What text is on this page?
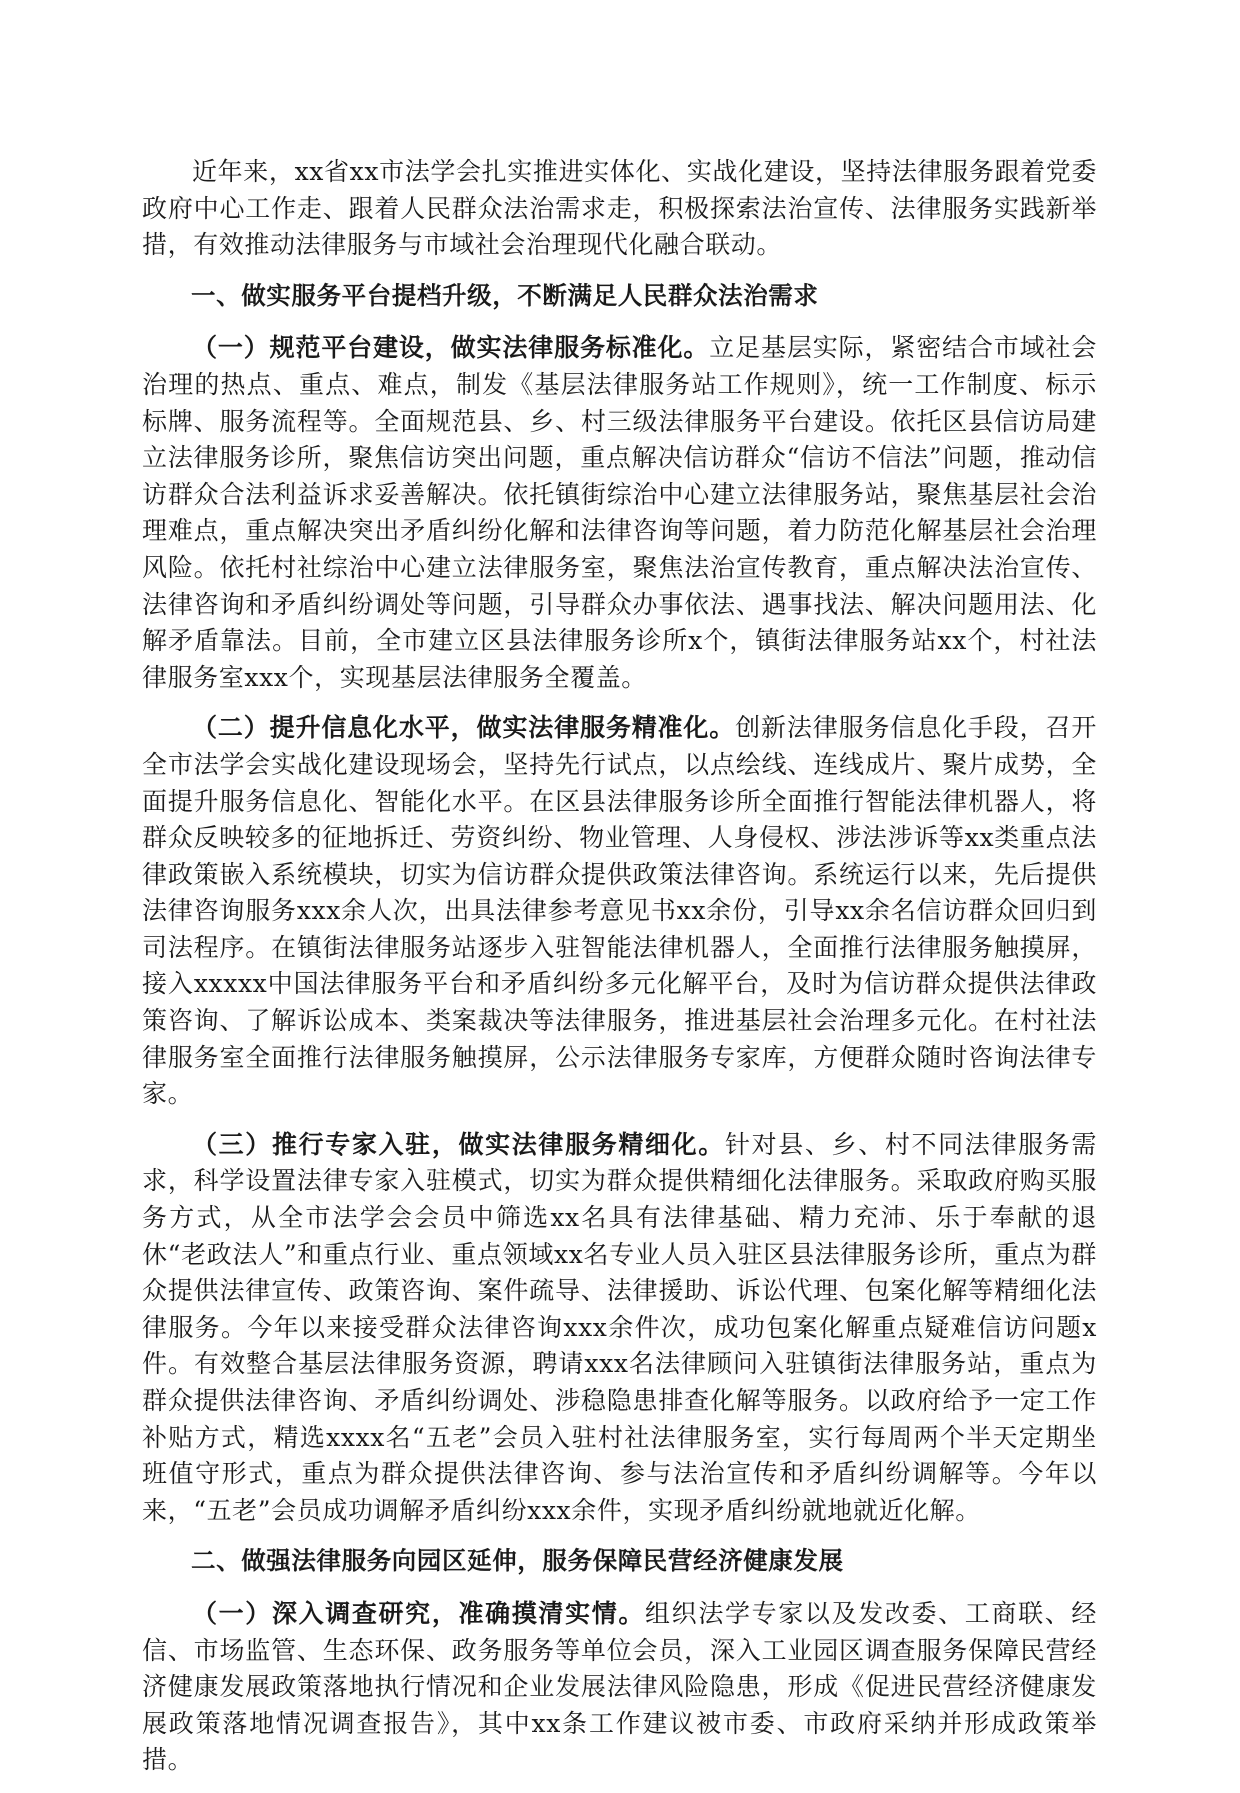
近年来，xx省xx市法学会扎实推进实体化、实战化建设，坚持法律服务跟着党委政府中心工作走、跟着人民群众法治需求走，积极探索法治宣传、法律服务实践新举措，有效推动法律服务与市域社会治理现代化融合联动。

一、做实服务平台提档升级，不断满足人民群众法治需求

（一）规范平台建设，做实法律服务标准化。立足基层实际，紧密结合市域社会治理的热点、重点、难点，制发《基层法律服务站工作规则》，统一工作制度、标示标牌、服务流程等。全面规范县、乡、村三级法律服务平台建设。依托区县信访局建立法律服务诊所，聚焦信访突出问题，重点解决信访群众“信访不信法”问题，推动信访群众合法利益诉求妥善解决。依托镇街综治中心建立法律服务站，聚焦基层社会治理难点，重点解决突出矛盾纠纷化解和法律咨询等问题，着力防范化解基层社会治理风险。依托村社综治中心建立法律服务室，聚焦法治宣传教育，重点解决法治宣传、法律咨询和矛盾纠纷调处等问题，引导群众办事依法、遇事找法、解决问题用法、化解矛盾靠法。目前，全市建立区县法律服务诊所x个，镇街法律服务站xx个，村社法律服务室xxx个，实现基层法律服务全覆盖。

（二）提升信息化水平，做实法律服务精准化。创新法律服务信息化手段，召开全市法学会实战化建设现场会，坚持先行试点，以点绘线、连线成片、聚片成势，全面提升服务信息化、智能化水平。在区县法律服务诊所全面推行智能法律机器人，将群众反映较多的征地拆迁、劳资纠纷、物业管理、人身侵权、涉法涉诉等xx类重点法律政策嵌入系统模块，切实为信访群众提供政策法律咨询。系统运行以来，先后提供法律咨询服务xxx余人次，出具法律参考意见书xx余份，引导xx余名信访群众回归到司法程序。在镇街法律服务站逐步入驻智能法律机器人，全面推行法律服务触摸屏，接入xxxxx中国法律服务平台和矛盾纠纷多元化解平台，及时为信访群众提供法律政策咨询、了解诉讼成本、类案裁决等法律服务，推进基层社会治理多元化。在村社法律服务室全面推行法律服务触摸屏，公示法律服务专家库，方便群众随时咨询法律专家。

（三）推行专家入驻，做实法律服务精细化。针对县、乡、村不同法律服务需求，科学设置法律专家入驻模式，切实为群众提供精细化法律服务。采取政府购买服务方式，从全市法学会会员中筛选xx名具有法律基础、精力充沛、乐于奉献的退休“老政法人”和重点行业、重点领域xx名专业人员入驻区县法律服务诊所，重点为群众提供法律宣传、政策咨询、案件疏导、法律援助、诉讼代理、包案化解等精细化法律服务。今年以来接受群众法律咨询xxx余件次，成功包案化解重点疑难信访问题x件。有效整合基层法律服务资源，聘请xxx名法律顾问入驻镇街法律服务站，重点为群众提供法律咨询、矛盾纠纷调处、涉稳隐患排查化解等服务。以政府给予一定工作补贴方式，精选xxxx名“五老”会员入驻村社法律服务室，实行每周两个半天定期坐班值守形式，重点为群众提供法律咨询、参与法治宣传和矛盾纠纷调解等。今年以来，“五老”会员成功调解矛盾纠纷xxx余件，实现矛盾纠纷就地就近化解。

二、做强法律服务向园区延伸，服务保障民营经济健康发展

（一）深入调查研究，准确摸清实情。组织法学专家以及发改委、工商联、经信、市场监管、生态环保、政务服务等单位会员，深入工业园区调查服务保障民营经济健康发展政策落地执行情况和企业发展法律风险隐患，形成《促进民营经济健康发展政策落地情况调查报告》，其中xx条工作建议被市委、市政府采纳并形成政策举措。
